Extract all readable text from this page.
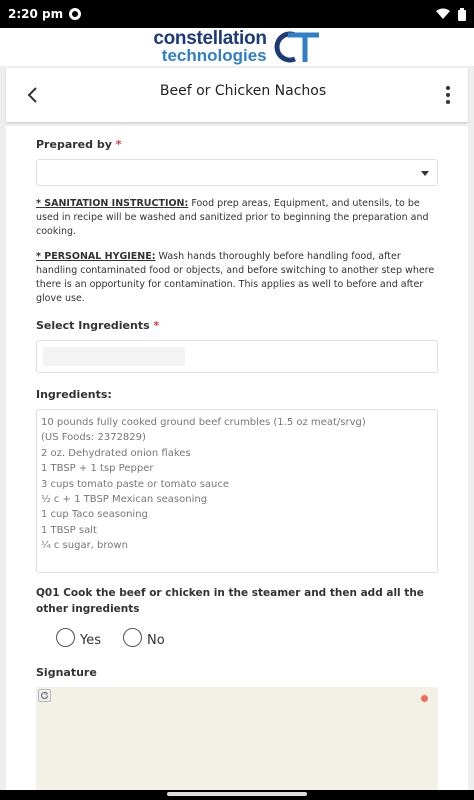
2:20 pm
constellation
technologies
Beef or Chicken Nachos
Prepared by *

* SANITATION INSTRUCTION: Food prep areas, Equipment, and utensils, to be used in recipe will be washed and sanitized prior to beginning the preparation and cooking.

* PERSONAL HYGIENE: Wash hands thoroughly before handling food, after handling contaminated food or objects, and before switching to another step where there is an opportunity for contamination. This applies as well to before and after glove use.

Select Ingredients *
Ingredients:
10 pounds fully cooked ground beef crumbles (1.5 oz meat/srvg)
(US Foods: 2372829)
2 oz. Dehydrated onion flakes
1 TBSP + 1 tsp Pepper
3 cups tomato paste or tomato sauce
½ c + 1 TBSP Mexican seasoning
1 cup Taco seasoning
1 TBSP salt
¼ c sugar, brown
Q01 Cook the beef or chicken in the steamer and then add all the other ingredients
Yes	No
Signature
